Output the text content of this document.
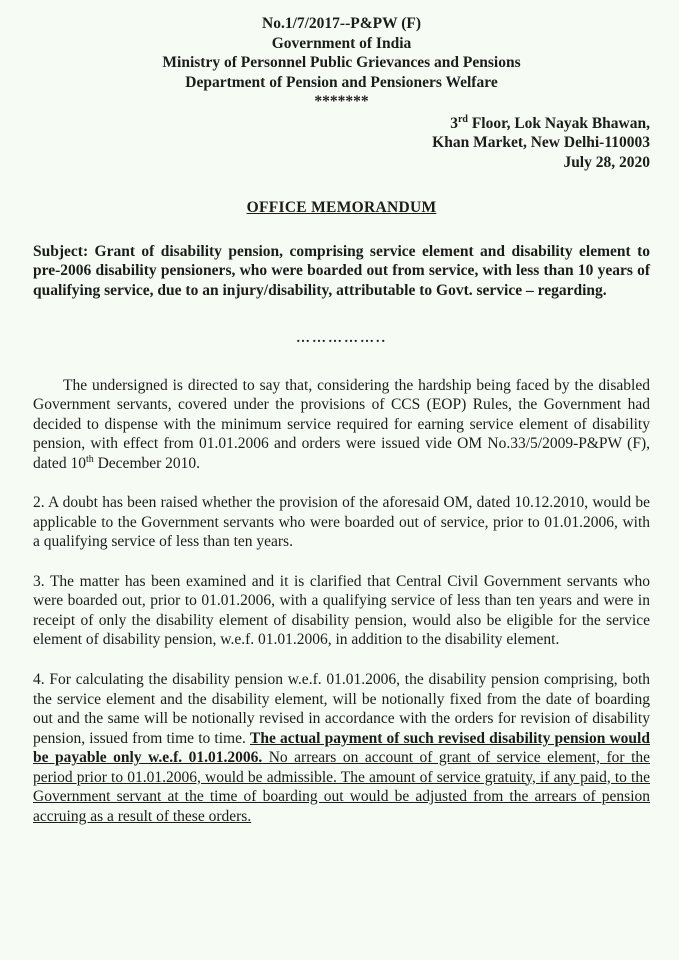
No.1/7/2017--P&PW (F)
Government of India
Ministry of Personnel Public Grievances and Pensions
Department of Pension and Pensioners Welfare
*******
3rd Floor, Lok Nayak Bhawan,
Khan Market, New Delhi-110003
July 28, 2020
OFFICE MEMORANDUM
Subject: Grant of disability pension, comprising service element and disability element to pre-2006 disability pensioners, who were boarded out from service, with less than 10 years of qualifying service, due to an injury/disability, attributable to Govt. service – regarding.
……………..
The undersigned is directed to say that, considering the hardship being faced by the disabled Government servants, covered under the provisions of CCS (EOP) Rules, the Government had decided to dispense with the minimum service required for earning service element of disability pension, with effect from 01.01.2006 and orders were issued vide OM No.33/5/2009-P&PW (F), dated 10th December 2010.
2. A doubt has been raised whether the provision of the aforesaid OM, dated 10.12.2010, would be applicable to the Government servants who were boarded out of service, prior to 01.01.2006, with a qualifying service of less than ten years.
3. The matter has been examined and it is clarified that Central Civil Government servants who were boarded out, prior to 01.01.2006, with a qualifying service of less than ten years and were in receipt of only the disability element of disability pension, would also be eligible for the service element of disability pension, w.e.f. 01.01.2006, in addition to the disability element.
4. For calculating the disability pension w.e.f. 01.01.2006, the disability pension comprising, both the service element and the disability element, will be notionally fixed from the date of boarding out and the same will be notionally revised in accordance with the orders for revision of disability pension, issued from time to time. The actual payment of such revised disability pension would be payable only w.e.f. 01.01.2006. No arrears on account of grant of service element, for the period prior to 01.01.2006, would be admissible. The amount of service gratuity, if any paid, to the Government servant at the time of boarding out would be adjusted from the arrears of pension accruing as a result of these orders.
